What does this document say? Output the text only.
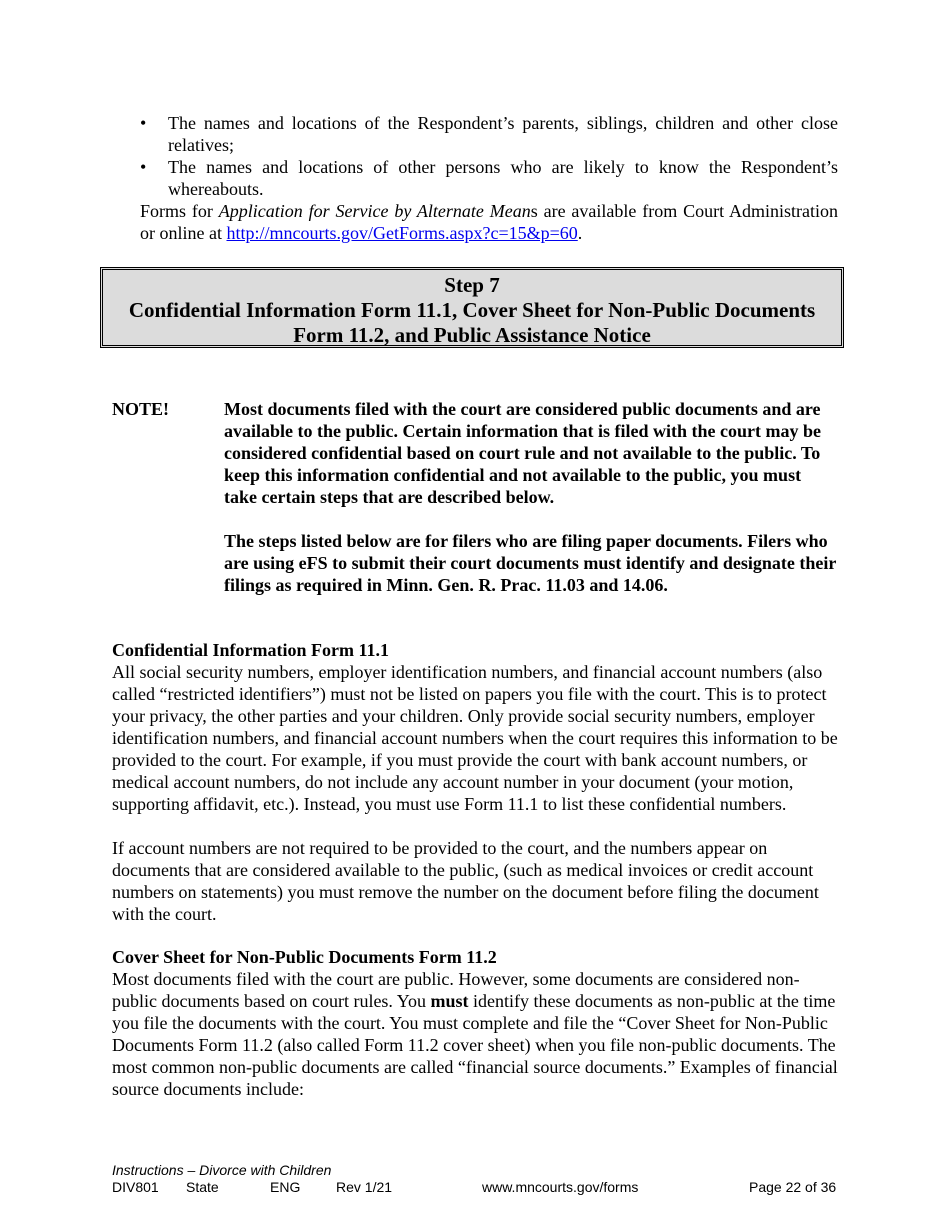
• The names and locations of the Respondent’s parents, siblings, children and other close relatives;
• The names and locations of other persons who are likely to know the Respondent’s whereabouts.

Forms for Application for Service by Alternate Means are available from Court Administration or online at http://mncourts.gov/GetForms.aspx?c=15&p=60.

Step 7
Confidential Information Form 11.1, Cover Sheet for Non-Public Documents
Form 11.2, and Public Assistance Notice
NOTE!	Most documents filed with the court are considered public documents and are available to the public. Certain information that is filed with the court may be considered confidential based on court rule and not available to the public. To keep this information confidential and not available to the public, you must take certain steps that are described below.

The steps listed below are for filers who are filing paper documents. Filers who are using eFS to submit their court documents must identify and designate their filings as required in Minn. Gen. R. Prac. 11.03 and 14.06.

Confidential Information Form 11.1

All social security numbers, employer identification numbers, and financial account numbers (also called “restricted identifiers”) must not be listed on papers you file with the court. This is to protect your privacy, the other parties and your children. Only provide social security numbers, employer identification numbers, and financial account numbers when the court requires this information to be provided to the court. For example, if you must provide the court with bank account numbers, or medical account numbers, do not include any account number in your document (your motion, supporting affidavit, etc.). Instead, you must use Form 11.1 to list these confidential numbers.

If account numbers are not required to be provided to the court, and the numbers appear on documents that are considered available to the public, (such as medical invoices or credit account numbers on statements) you must remove the number on the document before filing the document with the court.

Cover Sheet for Non-Public Documents Form 11.2

Most documents filed with the court are public. However, some documents are considered non-public documents based on court rules. You must identify these documents as non-public at the time you file the documents with the court. You must complete and file the “Cover Sheet for Non-Public Documents Form 11.2 (also called Form 11.2 cover sheet) when you file non-public documents. The most common non-public documents are called “financial source documents.” Examples of financial source documents include:

Instructions – Divorce with Children
DIV801 State	ENG	Rev 1/21	www.mncourts.gov/forms	Page 22 of 36
